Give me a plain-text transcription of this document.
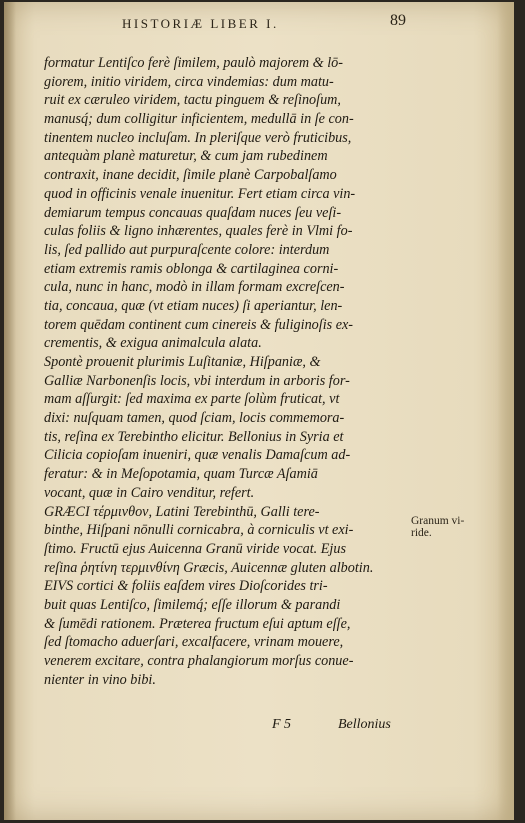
HISTORIÆ LIBER I.	89
formatur Lentiſco ferè ſimilem, paulò majorem & lō-
giorem, initio viridem, circa vindemias: dum matu-
ruit ex cæruleo viridem, tactu pinguem & reſinoſum,
manusq́; dum colligitur inficientem, medullā in ſe con-
tinentem nucleo incluſam. In pleriſque verò fruticibus,
antequàm planè maturetur, & cum jam rubedinem
contraxit, inane decidit, ſimile planè Carpobalſamo
quod in officinis venale inuenitur. Fert etiam circa vin-
demiarum tempus concauas quaſdam nuces ſeu veſi-
culas foliis & ligno inhærentes, quales ferè in Vlmi fo-
lis, ſed pallido aut purpuraſcente colore: interdum
etiam extremis ramis oblonga & cartilaginea corni-
cula, nunc in hanc, modò in illam formam excreſcen-
tia, concaua, quæ (vt etiam nuces) ſi aperiantur, len-
torem quēdam continent cum cinereis & fuliginoſis ex-
crementis, & exigua animalcula alata.
Spontè prouenit plurimis Luſitaniæ, Hiſpaniæ, &
Galliæ Narbonenſis locis, vbi interdum in arboris for-
mam aſſurgit: ſed maxima ex parte ſolùm fruticat, vt
dixi: nuſquam tamen, quod ſciam, locis commemora-
tis, reſina ex Terebintho elicitur. Bellonius in Syria et
Cilicia copioſam inueniri, quæ venalis Damaſcum ad-
feratur: & in Meſopotamia, quam Turcæ Aſamiā
vocant, quæ in Cairo venditur, refert.
GRÆCI τέρμινθον, Latini Terebinthū, Galli tere-
binthe, Hiſpani nōnulli cornicabra, à corniculis vt exi-
ſtimo. Fructū ejus Auicenna Granū viride vocat. Ejus
reſina ῥητίνη τερμινθίνη Græcis, Auicennæ gluten albotin.
EIVS cortici & foliis eaſdem vires Dioſcorides tri-
buit quas Lentiſco, ſimilemq́; eſſe illorum & parandi
& ſumēdi rationem. Præterea fructum eſui aptum eſſe,
ſed ſtomacho aduerſari, excalfacere, vrinam mouere,
venerem excitare, contra phalangiorum morſus conue-
nienter in vino bibi.
Granum vi-
ride.
F 5	Bellonius
